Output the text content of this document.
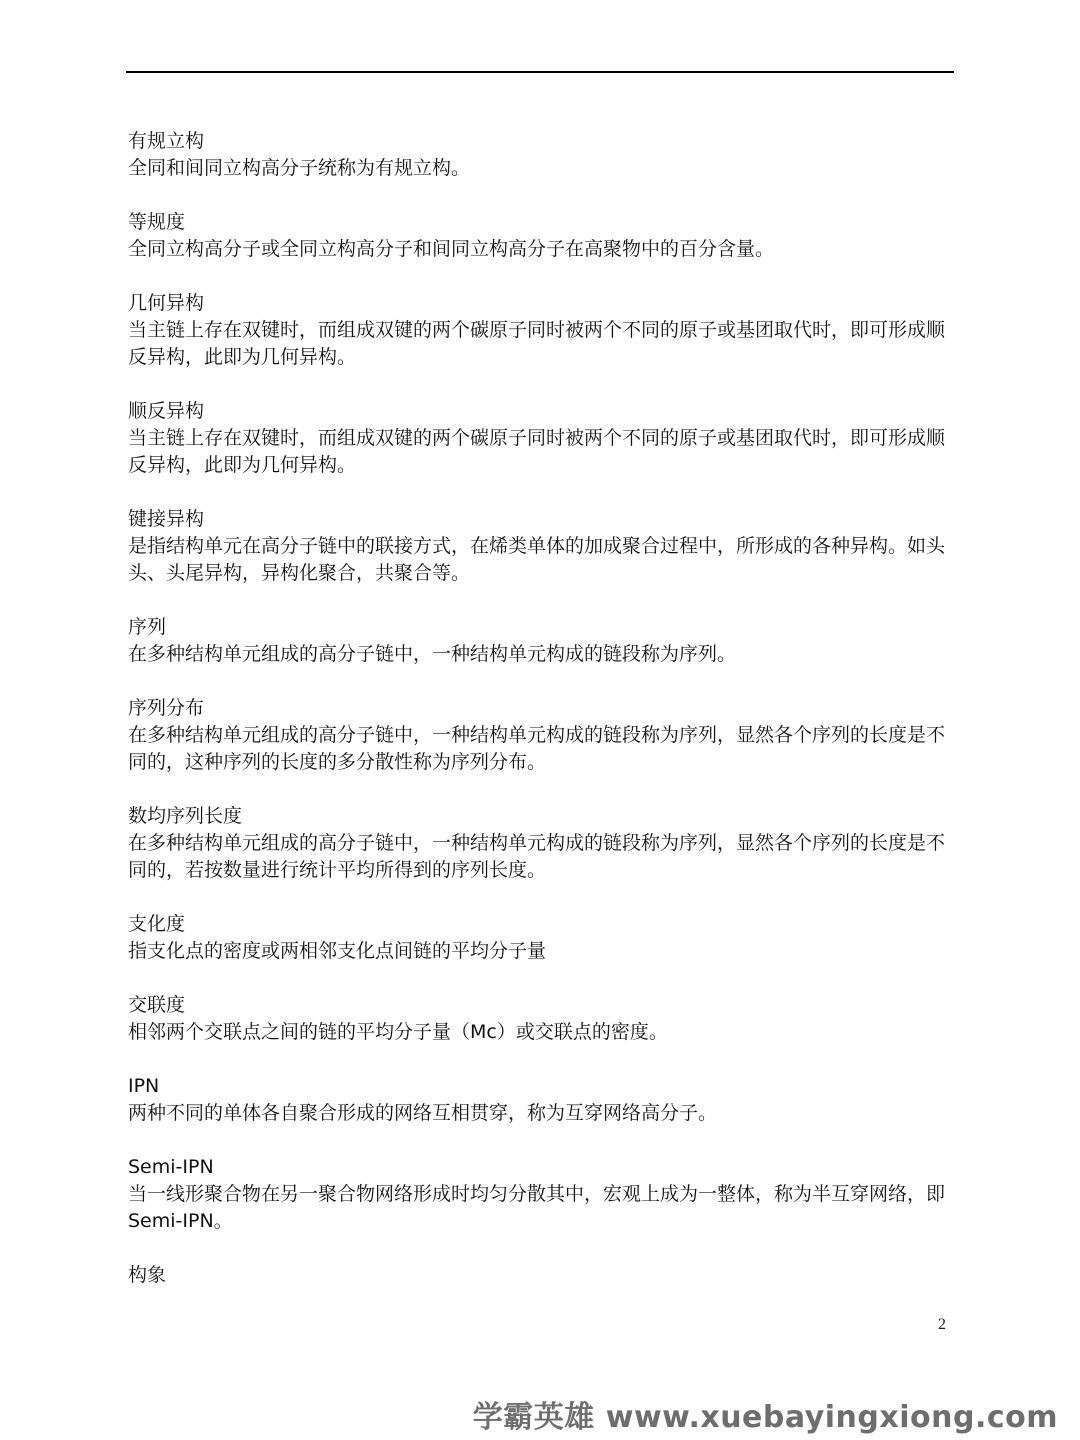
有规立构

全同和间同立构高分子统称为有规立构。

等规度

全同立构高分子或全同立构高分子和间同立构高分子在高聚物中的百分含量。

几何异构

当主链上存在双键时，而组成双键的两个碳原子同时被两个不同的原子或基团取代时，即可形成顺反异构，此即为几何异构。

顺反异构

当主链上存在双键时，而组成双键的两个碳原子同时被两个不同的原子或基团取代时，即可形成顺反异构，此即为几何异构。

键接异构

是指结构单元在高分子链中的联接方式，在烯类单体的加成聚合过程中，所形成的各种异构。如头头、头尾异构，异构化聚合，共聚合等。

序列

在多种结构单元组成的高分子链中，一种结构单元构成的链段称为序列。

序列分布

在多种结构单元组成的高分子链中，一种结构单元构成的链段称为序列，显然各个序列的长度是不同的，这种序列的长度的多分散性称为序列分布。

数均序列长度

在多种结构单元组成的高分子链中，一种结构单元构成的链段称为序列，显然各个序列的长度是不同的，若按数量进行统计平均所得到的序列长度。

支化度

指支化点的密度或两相邻支化点间链的平均分子量

交联度

相邻两个交联点之间的链的平均分子量（Mc）或交联点的密度。

IPN

两种不同的单体各自聚合形成的网络互相贯穿，称为互穿网络高分子。

Semi-IPN

当一线形聚合物在另一聚合物网络形成时均匀分散其中，宏观上成为一整体，称为半互穿网络，即Semi-IPN。

构象

2
学霸英雄 www.xuebayingxiong.com
